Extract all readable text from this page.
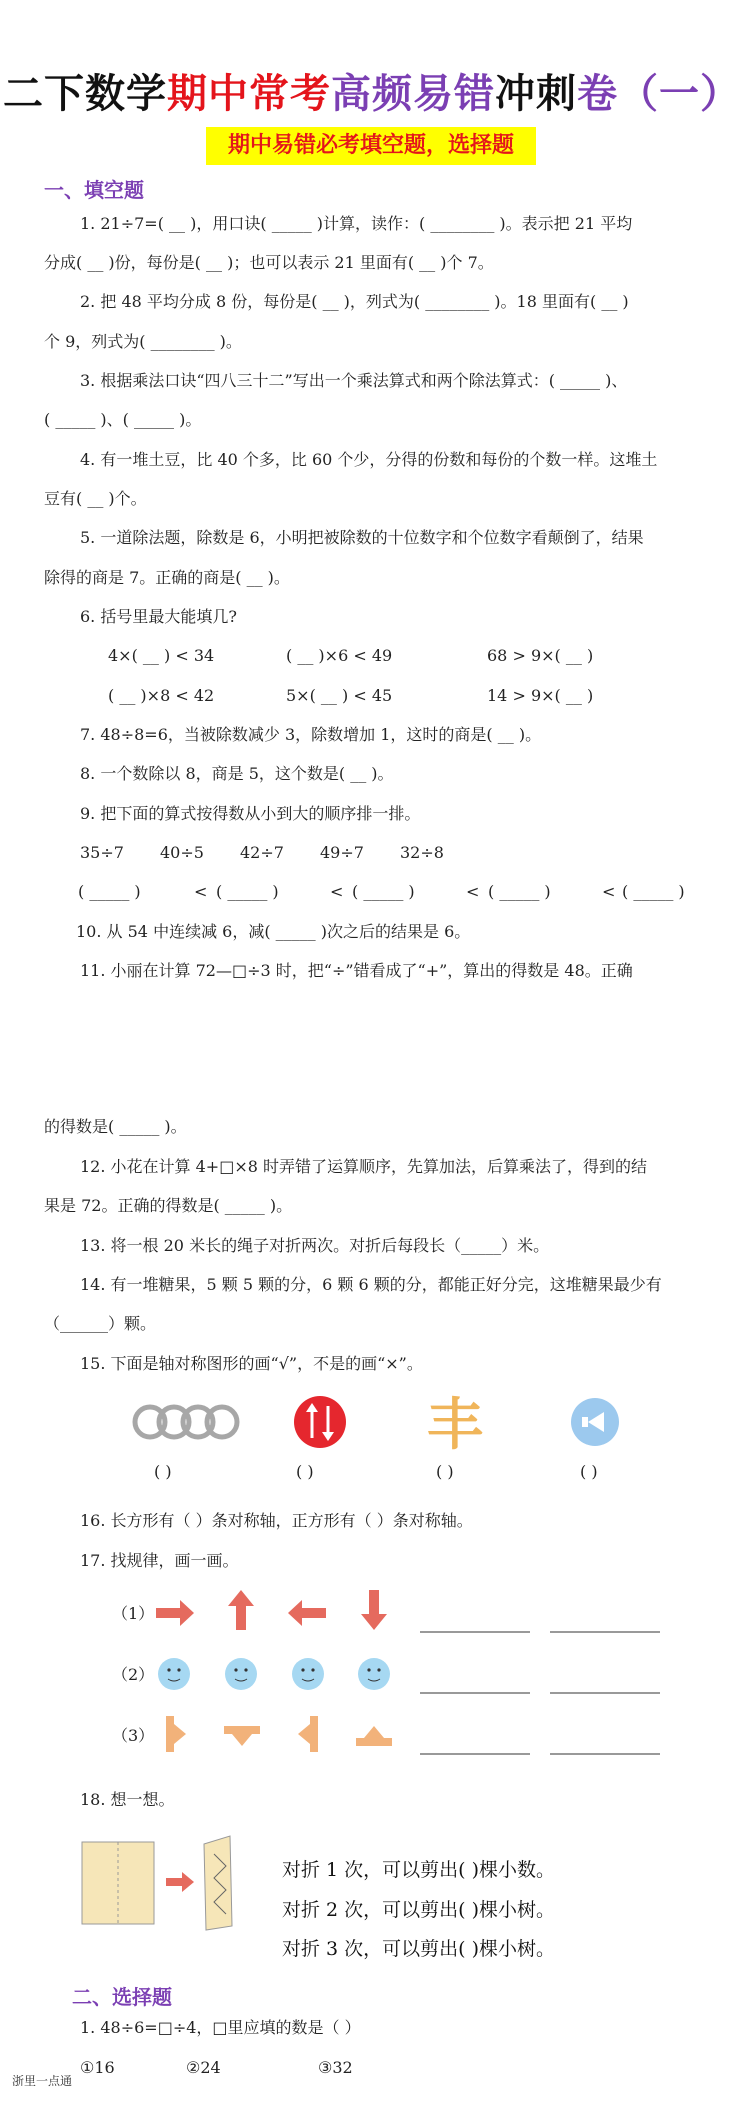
二下数学期中常考高频易错冲刺卷（一）
期中易错必考填空题，选择题
一、填空题
1. 21÷7=( __ )，用口诀( _____ )计算，读作：( ________ )。表示把 21 平均
分成( __ )份，每份是( __ )；也可以表示 21 里面有( __ )个 7。
2. 把 48 平均分成 8 份，每份是( __ )，列式为( ________ )。18 里面有( __ )
个 9，列式为( ________ )。
3. 根据乘法口诀“四八三十二”写出一个乘法算式和两个除法算式：( _____ )、
( _____ )、( _____ )。
4. 有一堆土豆，比 40 个多，比 60 个少，分得的份数和每份的个数一样。这堆土
豆有( __ )个。
5. 一道除法题，除数是 6，小明把被除数的十位数字和个位数字看颠倒了，结果
除得的商是 7。正确的商是( __ )。
6. 括号里最大能填几?
4×( __ ) < 34	( __ )×6 < 49	68 > 9×( __ )
( __ )×8 < 42	5×( __ ) < 45	14 > 9×( __ )
7. 48÷8=6，当被除数减少 3，除数增加 1，这时的商是( __ )。
8. 一个数除以 8，商是 5，这个数是( __ )。
9. 把下面的算式按得数从小到大的顺序排一排。
35÷7 40÷5 42÷7 49÷7 32÷8
( _____ )	< ( _____ )	< ( _____ )	< ( _____ )	< ( _____ )
10. 从 54 中连续减 6，减( _____ )次之后的结果是 6。
11. 小丽在计算 72—□÷3 时，把“÷”错看成了“+”，算出的得数是 48。正确
的得数是( _____ )。
12. 小花在计算 4+□×8 时弄错了运算顺序，先算加法，后算乘法了，得到的结
果是 72。正确的得数是( _____ )。
13. 将一根 20 米长的绳子对折两次。对折后每段长（_____）米。
14. 有一堆糖果，5 颗 5 颗的分，6 颗 6 颗的分，都能正好分完，这堆糖果最少有
（______）颗。
15. 下面是轴对称图形的画“√”，不是的画“×”。
丰
( )	( )	( )	( )
16. 长方形有（ ）条对称轴，正方形有（ ）条对称轴。
17. 找规律，画一画。
（1）
（2）
（3）
18. 想一想。
对折 1 次，可以剪出( )棵小数。
对折 2 次，可以剪出( )棵小树。
对折 3 次，可以剪出( )棵小树。
二、选择题
1. 48÷6=□÷4，□里应填的数是（ ）
①16	②24	③32
浙里一点通
